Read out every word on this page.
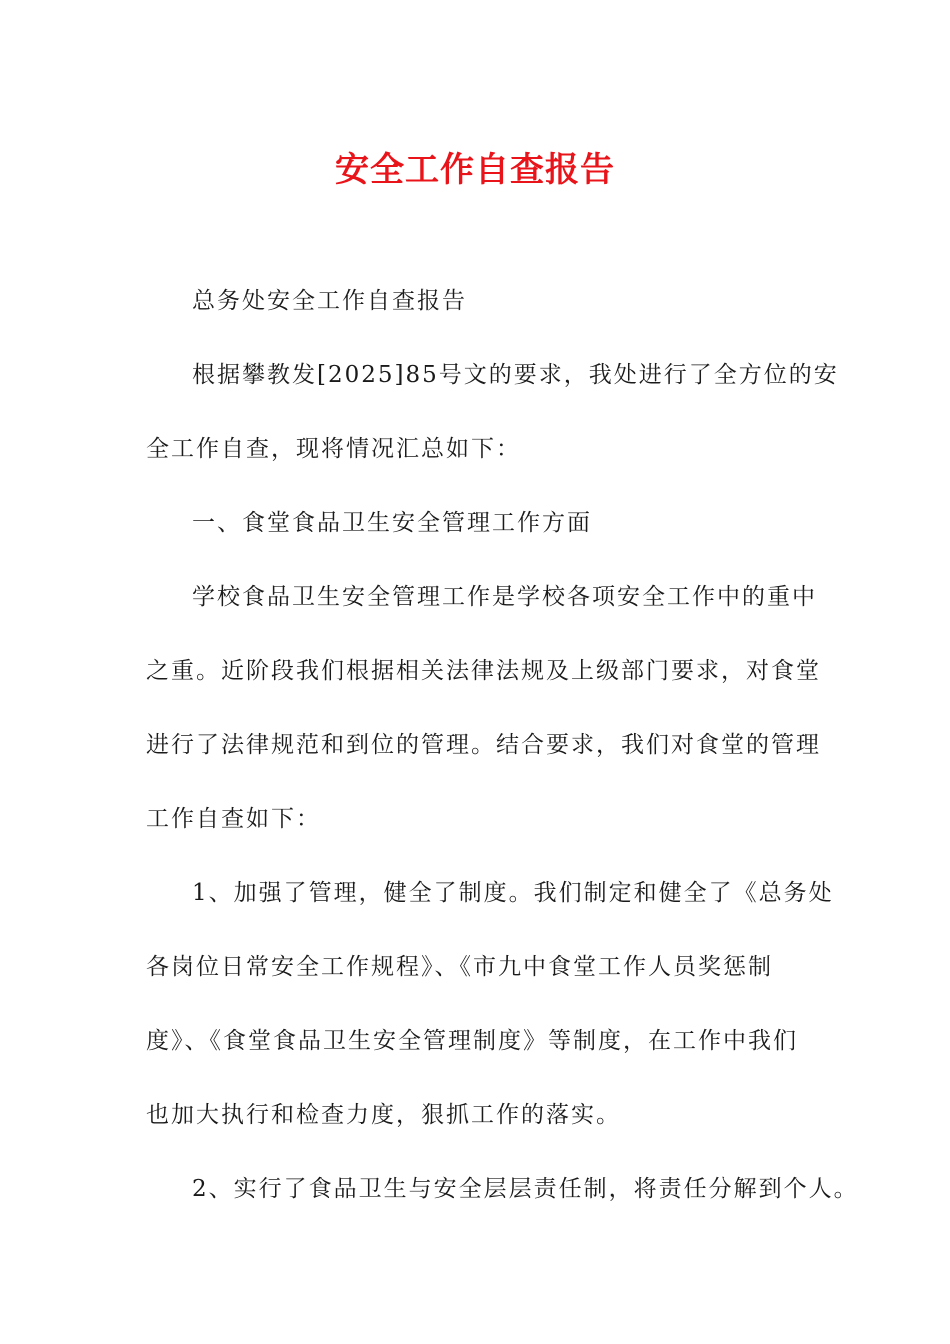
安全工作自查报告
总务处安全工作自查报告
根据攀教发[2025]85号文的要求，我处进行了全方位的安
全工作自查，现将情况汇总如下：
一、食堂食品卫生安全管理工作方面
学校食品卫生安全管理工作是学校各项安全工作中的重中
之重。近阶段我们根据相关法律法规及上级部门要求，对食堂
进行了法律规范和到位的管理。结合要求，我们对食堂的管理
工作自查如下：
1、加强了管理，健全了制度。我们制定和健全了《总务处
各岗位日常安全工作规程》、《市九中食堂工作人员奖惩制
度》、《食堂食品卫生安全管理制度》等制度，在工作中我们
也加大执行和检查力度，狠抓工作的落实。
2、实行了食品卫生与安全层层责任制，将责任分解到个人。
